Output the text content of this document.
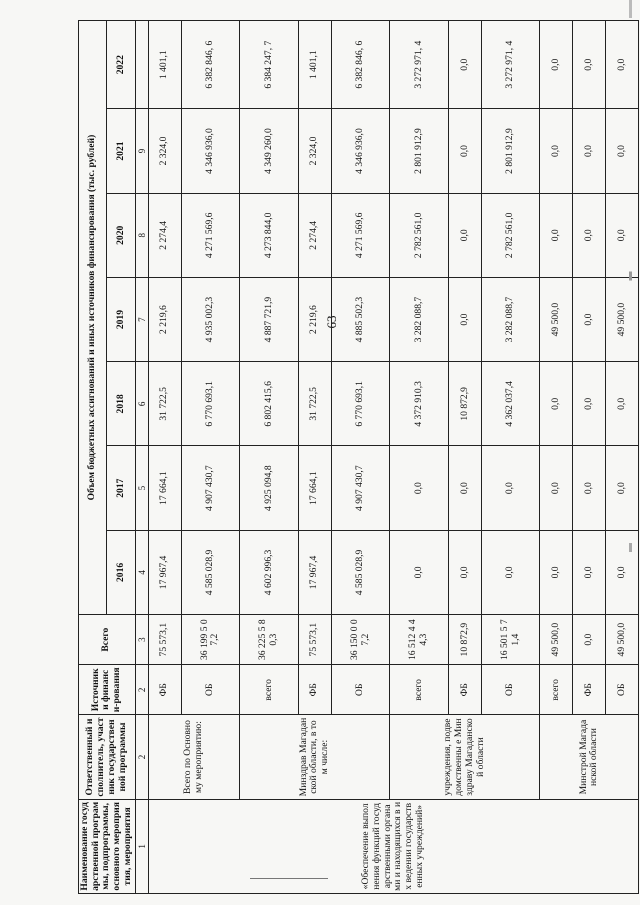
63
Наименование государственной программы, подпрограммы, основного мероприятия, мероприятия	Ответственный исполнитель, участник государственной программы	Источники финанси-рования	Всего	Объем бюджетных ассигнований и иных источников финансирования (тыс. рублей)						
				2016	2017	2018	2019	2020	2021	2022
1	2	2	3	4	5	6	7	8	9	
«Обеспечение выполнения функций государственными органами и находящихся в их ведении государственных учреждений»	Всего по Основному мероприятию:	ФБ	75 573,1	17 967,4	17 664,1	31 722,5	2 219,6	2 274,4	2 324,0	1 401,1
		ОБ	36 199 5 07,2	4 585 028,9	4 907 430,7	6 770 693,1	4 935 002,3	4 271 569,6	4 346 936,0	6 382 846, 6
	Минздрав Магаданской области, в том числе:	всего	36 225 5 80,3	4 602 996,3	4 925 094,8	6 802 415,6	4 887 721,9	4 273 844,0	4 349 260,0	6 384 247, 7
		ФБ	75 573,1	17 967,4	17 664,1	31 722,5	2 219,6	2 274,4	2 324,0	1 401,1
		ОБ	36 150 0 07,2	4 585 028,9	4 907 430,7	6 770 693,1	4 885 502,3	4 271 569,6	4 346 936,0	6 382 846, 6
	учреждения, подведомственны е Минздраву Магаданской области	всего	16 512 4 44,3	0,0	0,0	4 372 910,3	3 282 088,7	2 782 561,0	2 801 912,9	3 272 971, 4
		ФБ	10 872,9	0,0	0,0	10 872,9	0,0	0,0	0,0	0,0
		ОБ	16 501 5 71,4	0,0	0,0	4 362 037,4	3 282 088,7	2 782 561,0	2 801 912,9	3 272 971, 4
	Минстрой Магаданской области	всего	49 500,0	0,0	0,0	0,0	49 500,0	0,0	0,0	0,0
		ФБ	0,0	0,0	0,0	0,0	0,0	0,0	0,0	0,0
		ОБ	49 500,0	0,0	0,0	0,0	49 500,0	0,0	0,0	0,0
